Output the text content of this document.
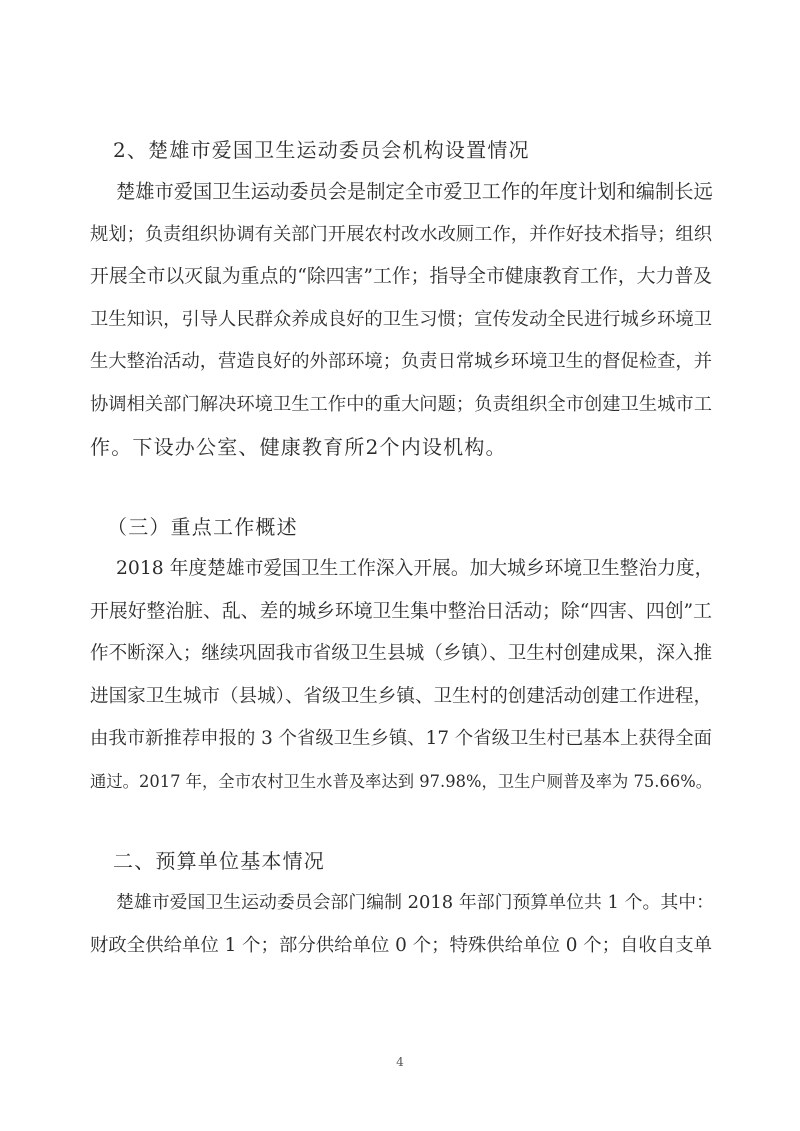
2、楚雄市爱国卫生运动委员会机构设置情况
楚雄市爱国卫生运动委员会是制定全市爱卫工作的年度计划和编制长远
规划；负责组织协调有关部门开展农村改水改厕工作，并作好技术指导；组织
开展全市以灭鼠为重点的“除四害”工作；指导全市健康教育工作，大力普及
卫生知识，引导人民群众养成良好的卫生习惯；宣传发动全民进行城乡环境卫
生大整治活动，营造良好的外部环境；负责日常城乡环境卫生的督促检查，并
协调相关部门解决环境卫生工作中的重大问题；负责组织全市创建卫生城市工
作。下设办公室、健康教育所2个内设机构。
（三）重点工作概述
2018 年度楚雄市爱国卫生工作深入开展。加大城乡环境卫生整治力度，
开展好整治脏、乱、差的城乡环境卫生集中整治日活动；除“四害、四创”工
作不断深入；继续巩固我市省级卫生县城（乡镇）、卫生村创建成果，深入推
进国家卫生城市（县城）、省级卫生乡镇、卫生村的创建活动创建工作进程，
由我市新推荐申报的 3 个省级卫生乡镇、17 个省级卫生村已基本上获得全面
通过。2017 年，全市农村卫生水普及率达到 97.98%，卫生户厕普及率为 75.66%。
二、预算单位基本情况
楚雄市爱国卫生运动委员会部门编制 2018 年部门预算单位共 1 个。其中：
财政全供给单位 1 个；部分供给单位 0 个；特殊供给单位 0 个；自收自支单
4
